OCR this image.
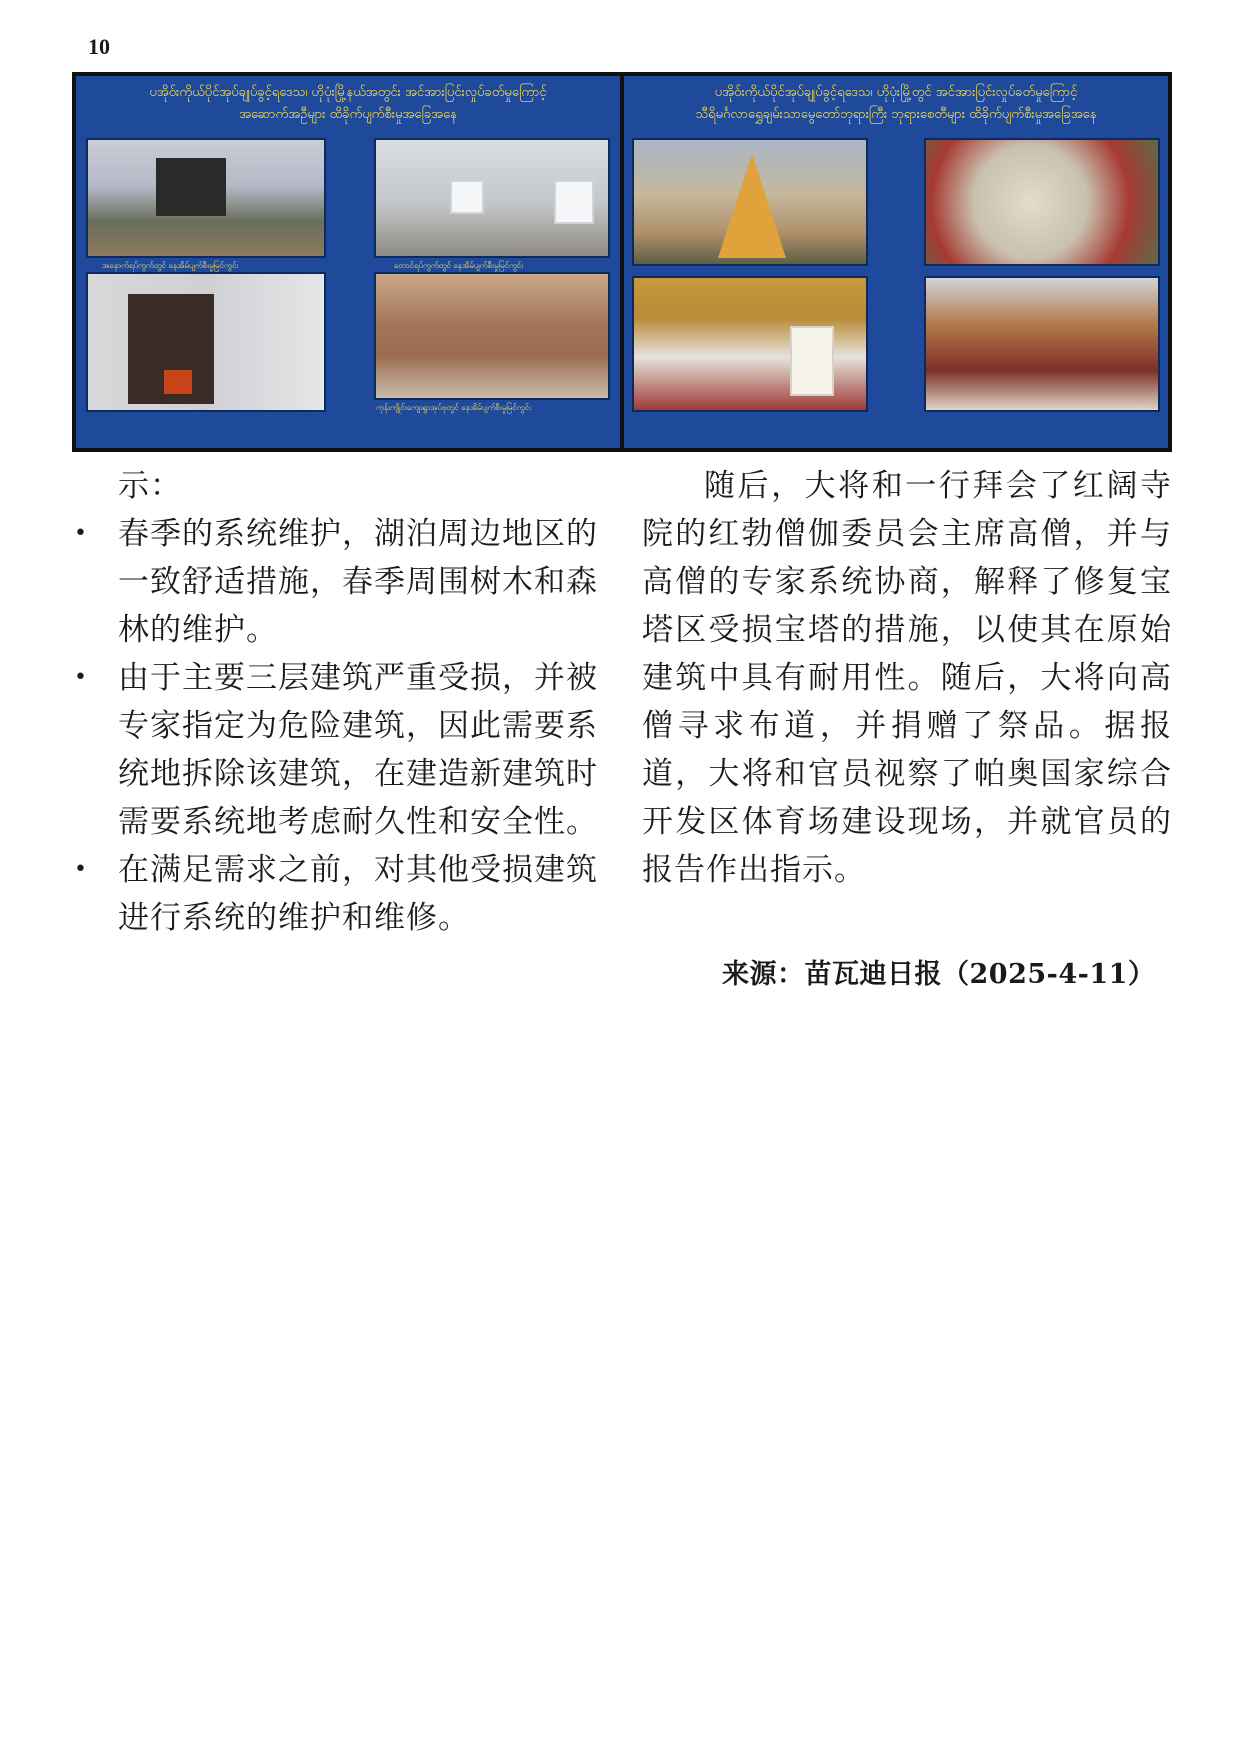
10
ပအိုဝ်းကိုယ်ပိုင်အုပ်ချုပ်ခွင့်ရဒေသ၊ ဟိုပုံးမြို့နယ်အတွင်း အင်အားပြင်းလှုပ်ခတ်မှုကြောင့်
အဆောက်အဦများ ထိခိုက်ပျက်စီးမှုအခြေအနေ
အနောက်ရပ်ကွက်တွင် နေအိမ်ပျက်စီးမှုမြင်ကွင်း	တောင်ရပ်ကွက်တွင် နေအိမ်ပျက်စီးမှုမြင်ကွင်း
ကုန်းကျိုင်းကျေးရွာအုပ်စုတွင် နေအိမ်ပျက်စီးမှုမြင်ကွင်း
ပအိုဝ်းကိုယ်ပိုင်အုပ်ချုပ်ခွင့်ရဒေသ၊ ဟိုပုံးမြို့တွင် အင်အားပြင်းလှုပ်ခတ်မှုကြောင့်
သီရိမင်္ဂလာရွှေချမ်းသာမွေတော်ဘုရားကြီး ဘုရားစေတီများ ထိခိုက်ပျက်စီးမှုအခြေအနေ
示：
• 春季的系统维护，湖泊周边地区的一致舒适措施，春季周围树木和森林的维护。
• 由于主要三层建筑严重受损，并被专家指定为危险建筑，因此需要系统地拆除该建筑，在建造新建筑时需要系统地考虑耐久性和安全性。
• 在满足需求之前，对其他受损建筑进行系统的维护和维修。
随后，大将和一行拜会了红阔寺院的红勃僧伽委员会主席高僧，并与高僧的专家系统协商，解释了修复宝塔区受损宝塔的措施，以使其在原始建筑中具有耐用性。随后，大将向高僧寻求布道，并捐赠了祭品。据报道，大将和官员视察了帕奥国家综合开发区体育场建设现场，并就官员的报告作出指示。
来源：苗瓦迪日报（2025-4-11）
